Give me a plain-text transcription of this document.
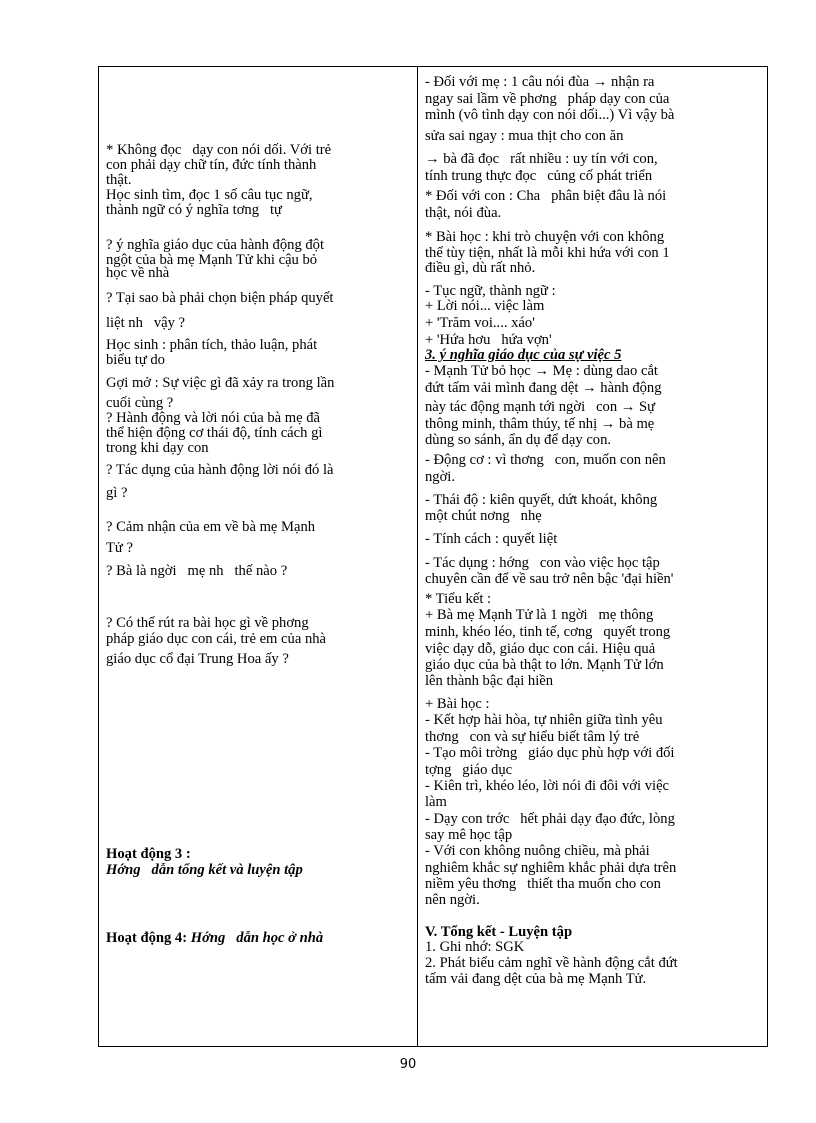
* Không đọc   dạy con nói dối. Với trẻ
con phải dạy chữ tín, đức tính thành
thật.
Học sinh tìm, đọc 1 số câu tục ngữ,
thành ngữ có ý nghĩa tơng   tự
? ý nghĩa giáo dục của hành động đột
ngột của bà mẹ Mạnh Tử khi cậu bỏ
học về nhà
? Tại sao bà phải chọn biện pháp quyết
liệt nh   vậy ?
Học sinh : phân tích, thảo luận, phát
biểu tự do
Gợi mở : Sự việc gì đã xảy ra trong lần
cuối cùng ?
? Hành động và lời nói của bà mẹ đã
thể hiện động cơ thái độ, tính cách gì
trong khi dạy con
? Tác dụng của hành động lời nói đó là
gì ?
? Cảm nhận của em về bà mẹ Mạnh
Tử ?
? Bà là ngời   mẹ nh   thế nào ?
? Có thể rút ra bài học gì về phơng
pháp giáo dục con cái, trẻ em của nhà
giáo dục cổ đại Trung Hoa ấy ?
Hoạt động 3 :
Hớng   dẫn tổng kết và luyện tập
Hoạt động 4: Hớng   dẫn học ở nhà
- Đối với mẹ : 1 câu nói đùa → nhận ra
ngay sai lầm về phơng   pháp dạy con của
mình (vô tình dạy con nói dối...) Vì vậy bà
sửa sai ngay : mua thịt cho con ăn
→ bà đã đọc   rất nhiều : uy tín với con,
tính trung thực đọc   củng cố phát triển
* Đối với con : Cha   phân biệt đâu là nói
thật, nói đùa.
* Bài học : khi trò chuyện với con không
thể tùy tiện, nhất là mỗi khi hứa với con 1
điều gì, dù rất nhỏ.
- Tục ngữ, thành ngữ :
+ Lời nói... việc làm
+ 'Trăm voi.... xáo'
+ 'Hứa hơu   hứa vợn'
3. ý nghĩa giáo dục của sự việc 5
- Mạnh Tử bỏ học → Mẹ : dùng dao cắt
đứt tấm vải mình đang dệt → hành động
này tác động mạnh tới ngời   con → Sự
thông minh, thâm thúy, tế nhị → bà mẹ
dùng so sánh, ẩn dụ để dạy con.
- Động cơ : vì thơng   con, muốn con nên
ngời.
- Thái độ : kiên quyết, dứt khoát, không
một chút nơng   nhẹ
- Tính cách : quyết liệt
- Tác dụng : hớng   con vào việc học tập
chuyên cần để về sau trở nên bậc 'đại hiền'
* Tiểu kết :
+ Bà mẹ Mạnh Tử là 1 ngời   mẹ thông
minh, khéo léo, tinh tế, cơng   quyết trong
việc dạy dỗ, giáo dục con cái. Hiệu quả
giáo dục của bà thật to lớn. Mạnh Tử lớn
lên thành bậc đại hiền
+ Bài học :
- Kết hợp hài hòa, tự nhiên giữa tình yêu
thơng   con và sự hiểu biết tâm lý trẻ
- Tạo môi trờng   giáo dục phù hợp với đối
tợng   giáo dục
- Kiên trì, khéo léo, lời nói đi đôi với việc
làm
- Dạy con trớc   hết phải dạy đạo đức, lòng
say mê học tập
- Với con không nuông chiều, mà phải
nghiêm khắc sự nghiêm khắc phải dựa trên
niềm yêu thơng   thiết tha muốn cho con
nên ngời.
V. Tổng kết - Luyện tập
1. Ghi nhớ: SGK
2. Phát biểu cảm nghĩ về hành động cắt đứt
tấm vải đang dệt của bà mẹ Mạnh Tử.
90
